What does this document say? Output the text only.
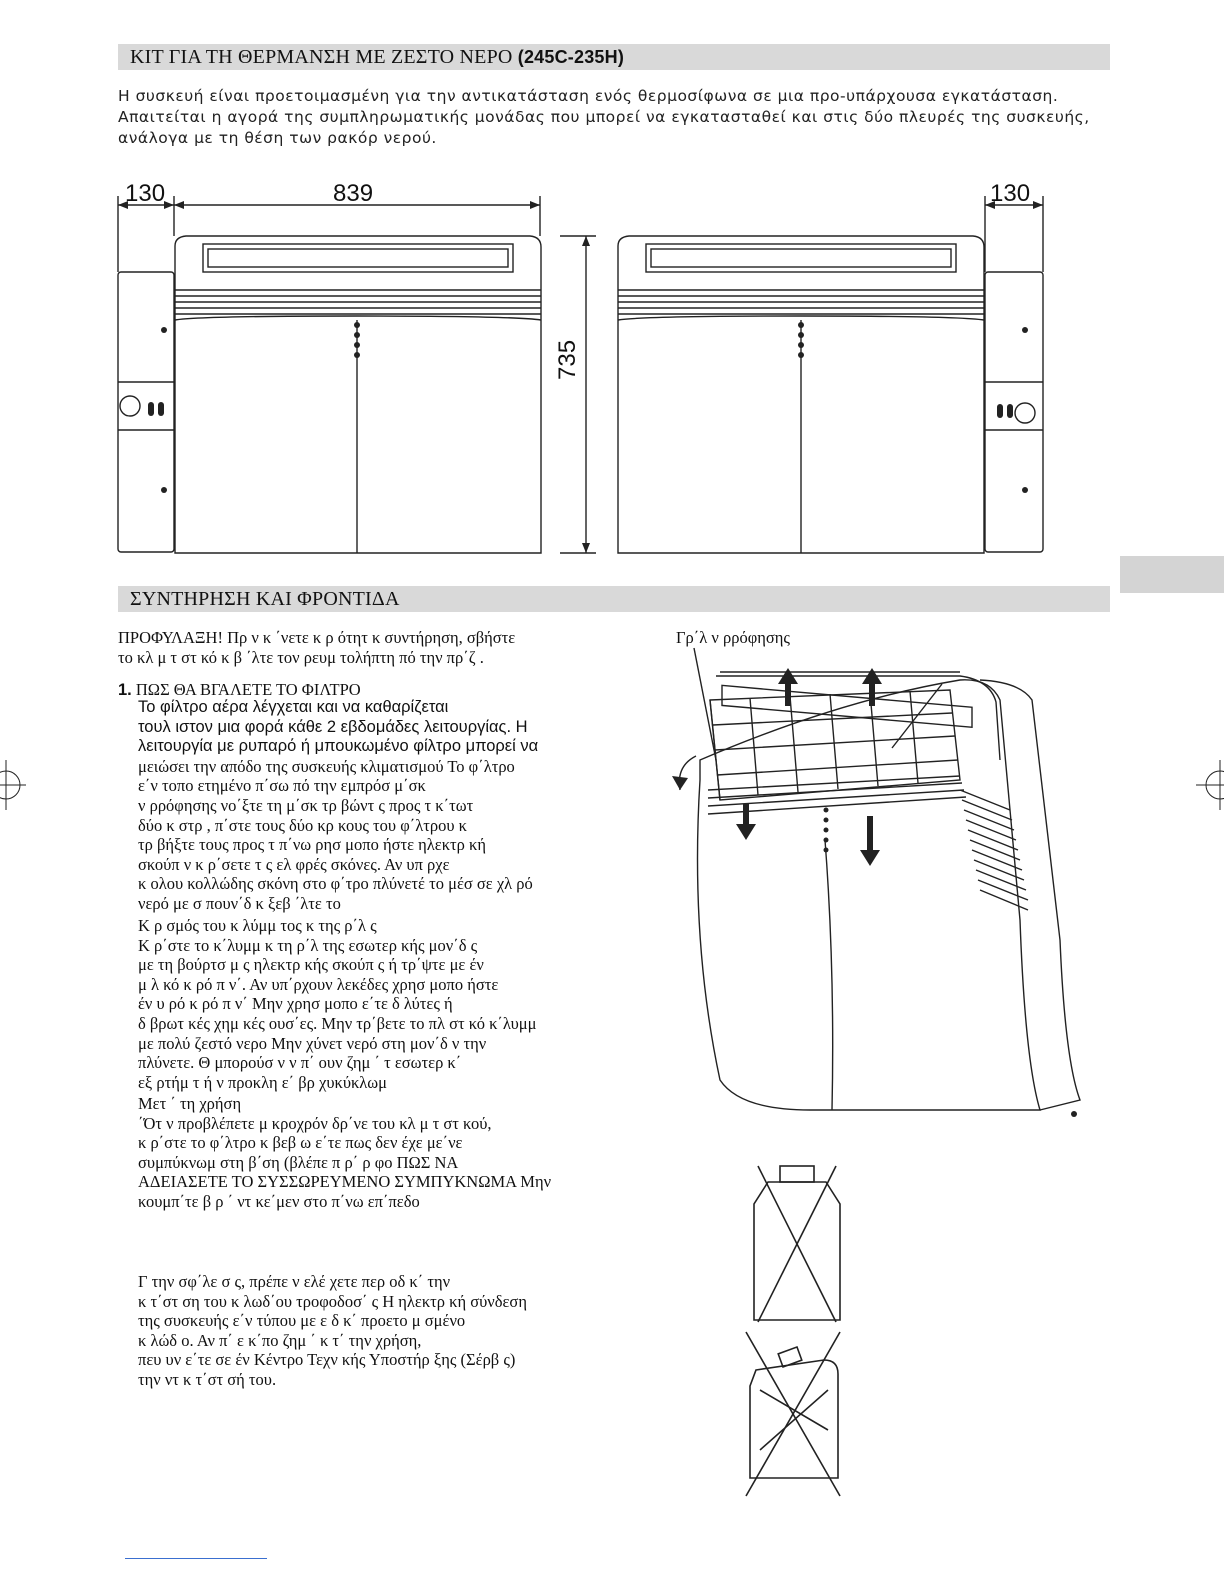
ΚΙΤ ΓΙΑ ΤΗ ΘΕΡΜΑΝΣΗ ΜΕ ΖΕΣΤΟ ΝΕΡΟ (245C-235H)

Η συσκευή είναι προετοιμασμένη για την αντικατάσταση ενός θερμοσίφωνα σε μια προ-υπάρχουσα εγκατάσταση.

Απαιτείται η αγορά της συμπληρωματικής μονάδας που μπορεί να εγκατασταθεί και στις δύο πλευρές της συσκευής,

ανάλογα με τη θέση των ρακόρ νερού.

130	839	130
735
ΣΥΝΤΗΡΗΣΗ ΚΑΙ ΦΡΟΝΤΙΔΑ

ΠΡΟΦΥΛΑΞΗ! Πρ ν κ ΄νετε κ ρ ότητ κ συντήρηση, σβήστε

το κλ μ τ στ κό κ β ΄λτε τον ρευμ τολήπτη πό την πρ΄ζ .

1. ΠΩΣ ΘΑ ΒΓΑΛΕΤΕ ΤΟ ΦΙΛΤΡΟ

Το φίλτρο αέρα λέγχεται και να καθαρίζεται

τουλ ιστον μια φορά κάθε 2 εβδομάδες λειτουργίας. Η

λειτουργία με ρυπαρό ή μπουκωμένο φίλτρο μπορεί να

μειώσει την απόδο της συσκευής κλιματισμού Το φ΄λτρο

ε΄ν τοπο ετημένο π΄σω πό την εμπρόσ μ΄σκ

ν ρρόφησης νο΄ξτε τη μ΄σκ τρ βώντ ς προς τ κ΄τωτ

δύο κ στρ , π΄στε τους δύο κρ κους του φ΄λτρου κ

τρ βήξτε τους προς τ π΄νω ρησ μοπο ήστε ηλεκτρ κή

σκούπ ν κ ρ΄σετε τ ς ελ φρές σκόνες. Αν υπ ρχε

κ ολου κολλώδης σκόνη στο φ΄τρο πλύνετέ το μέσ σε χλ ρό

νερό με σ πουν΄δ κ ξεβ ΄λτε το

Κ ρ σμός του κ λύμμ τος κ της ρ΄λ ς

Κ ρ΄στε το κ΄λυμμ κ τη ρ΄λ της εσωτερ κής μον΄δ ς

με τη βούρτσ μ ς ηλεκτρ κής σκούπ ς ή τρ΄ψτε με έν

μ λ κό κ ρό π ν΄. Αν υπ΄ρχουν λεκέδες χρησ μοπο ήστε

έν υ ρό κ ρό π ν΄ Μην χρησ μοπο ε΄τε δ λύτες ή

δ βρωτ κές χημ κές ουσ΄ες. Μην τρ΄βετε το πλ στ κό κ΄λυμμ

με πολύ ζεστό νερο Μην χύνετ νερό στη μον΄δ ν την

πλύνετε. Θ μπορούσ ν ν π΄ ουν ζημ ΄ τ εσωτερ κ΄

εξ ρτήμ τ ή ν προκλη ε΄ βρ χυκύκλωμ

Μετ ΄ τη χρήση

΄Ότ ν προβλέπετε μ κροχρόν δρ΄νε του κλ μ τ στ κού,

κ ρ΄στε το φ΄λτρο κ βεβ ω ε΄τε πως δεν έχε με΄νε

συμπύκνωμ στη β΄ση (βλέπε π ρ΄ ρ φο ΠΩΣ ΝΑ

ΑΔΕΙΑΣΕΤΕ ΤΟ ΣΥΣΣΩΡΕΥΜΕΝΟ ΣΥΜΠΥΚΝΩΜΑ Μην

κουμπ΄τε β ρ ΄ ντ κε΄μεν στο π΄νω επ΄πεδο

Γ την σφ΄λε σ ς, πρέπε ν ελέ χετε περ οδ κ΄ την

κ τ΄στ ση του κ λωδ΄ου τροφοδοσ΄ ς Η ηλεκτρ κή σύνδεση

της συσκευής ε΄ν τύπου με ε δ κ΄ προετο μ σμένο

κ λώδ ο. Αν π΄ ε κ΄πο ζημ ΄ κ τ΄ την χρήση,

πευ υν ε΄τε σε έν Κέντρο Τεχν κής Υποστήρ ξης (Σέρβ ς)

την ντ κ τ΄στ σή του.

Γρ΄λ ν ρρόφησης
